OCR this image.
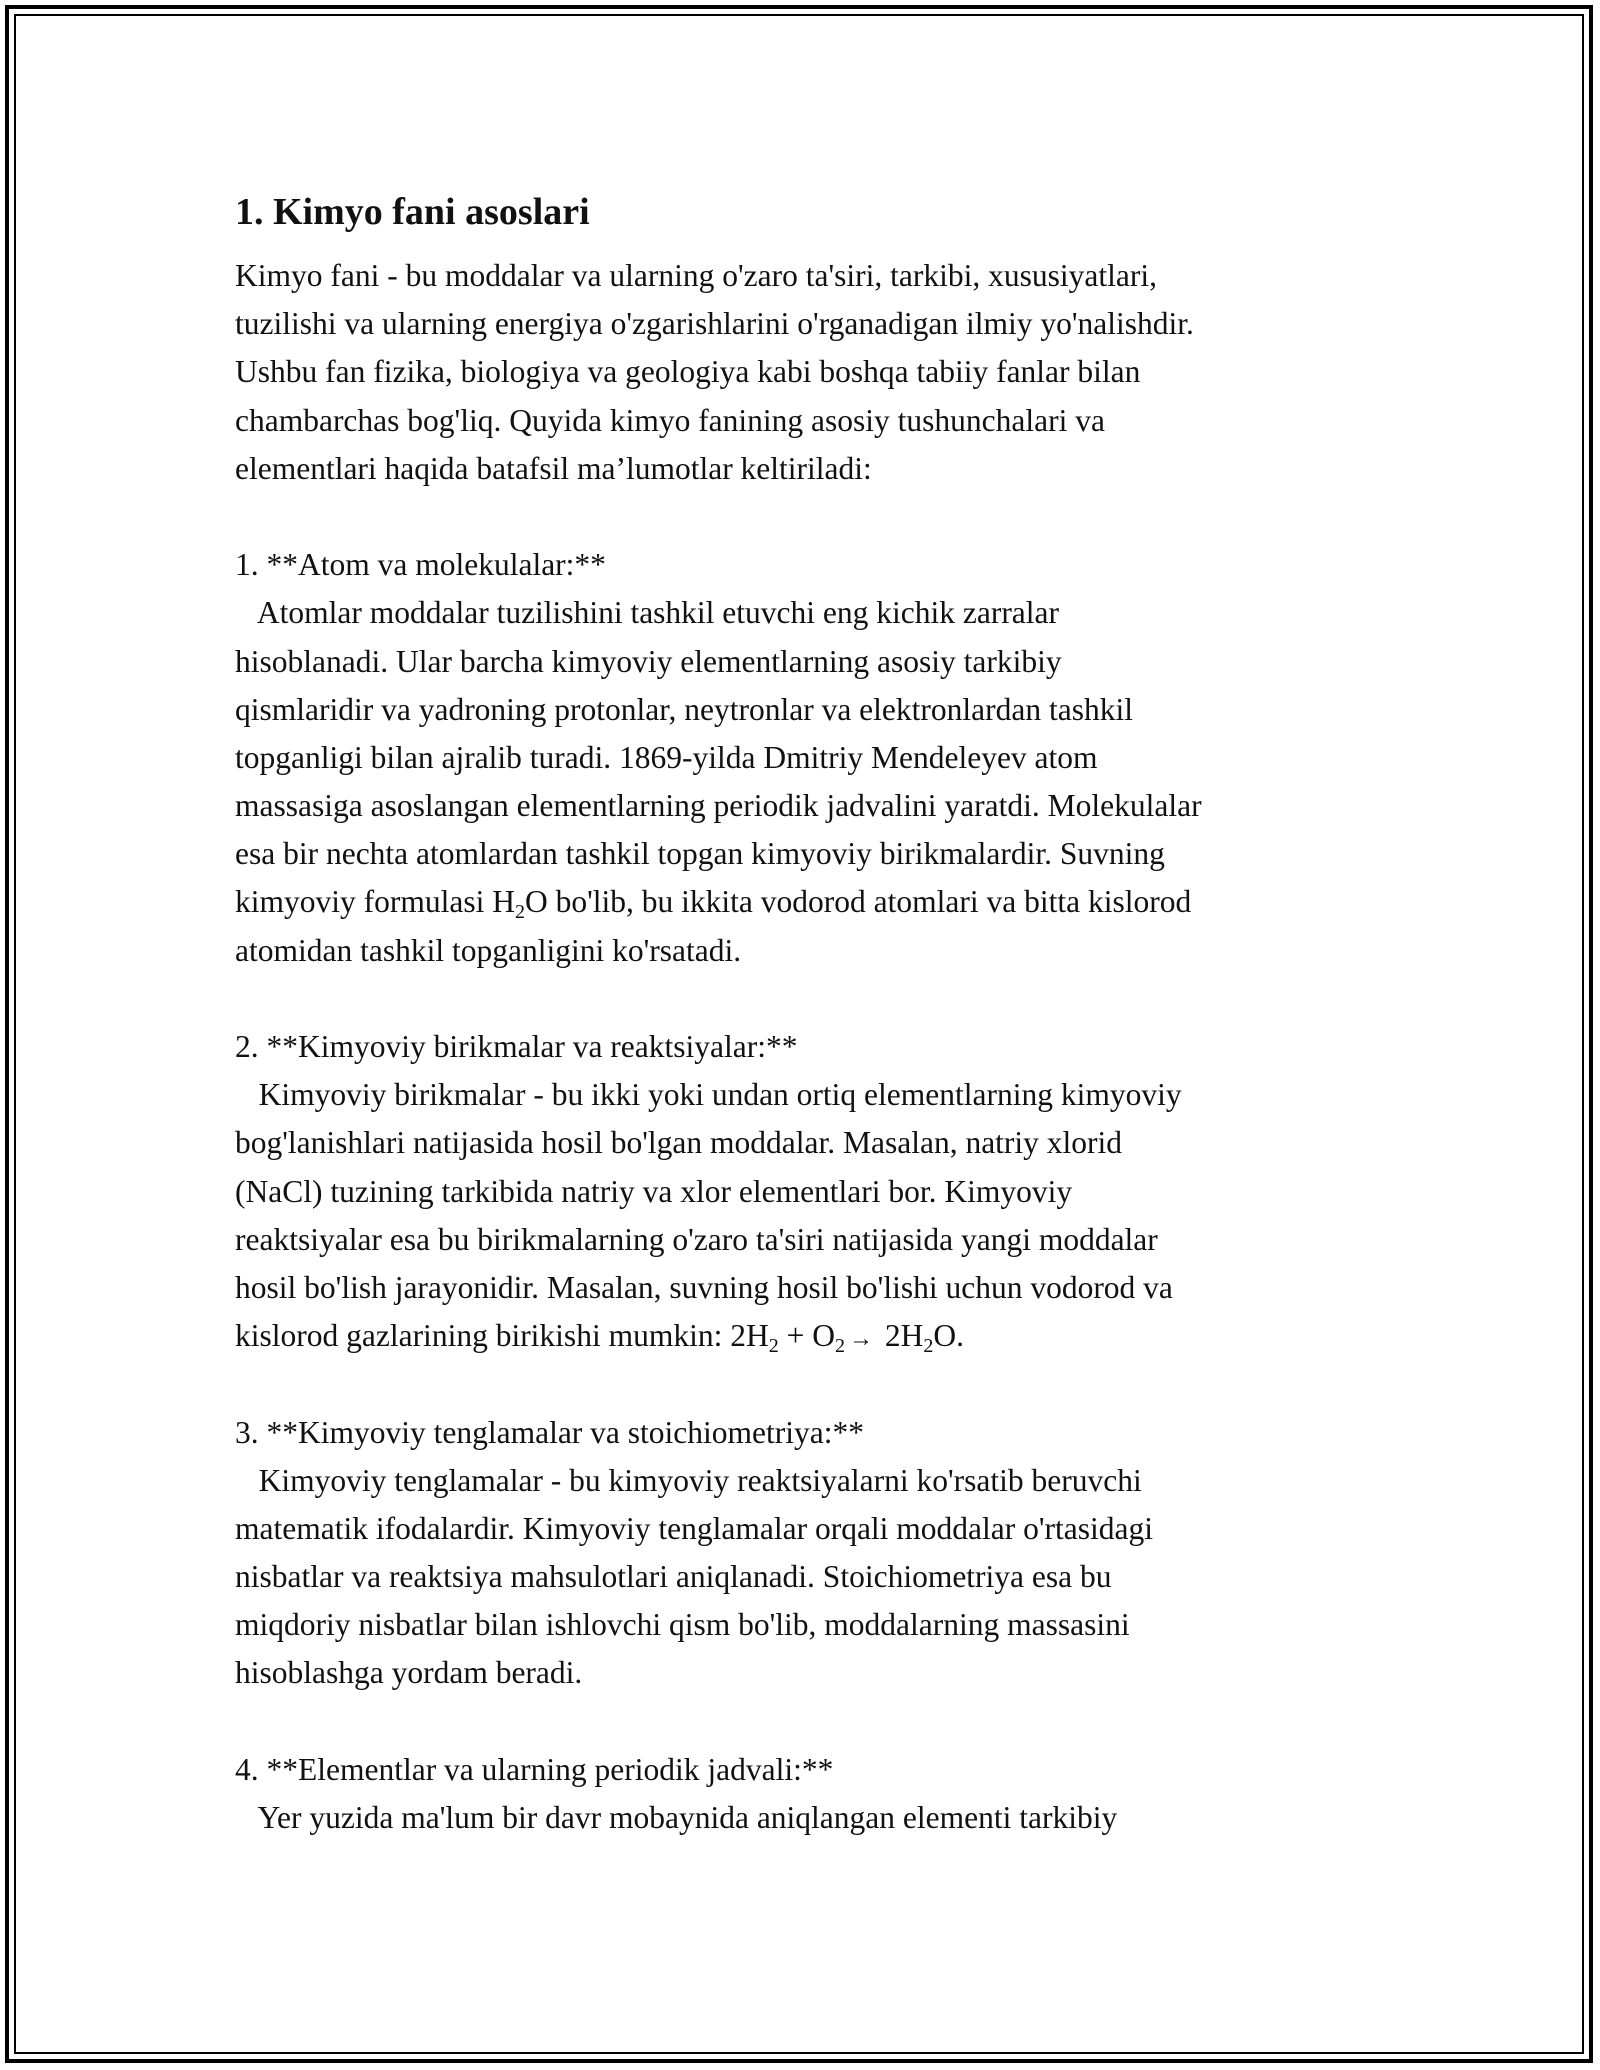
1. Kimyo fani asoslari
Kimyo fani - bu moddalar va ularning o'zaro ta'siri, tarkibi, xususiyatlari,
tuzilishi va ularning energiya o'zgarishlarini o'rganadigan ilmiy yo'nalishdir.
Ushbu fan fizika, biologiya va geologiya kabi boshqa tabiiy fanlar bilan
chambarchas bog'liq. Quyida kimyo fanining asosiy tushunchalari va
elementlari haqida batafsil ma’lumotlar keltiriladi:
1. **Atom va molekulalar:**
Atomlar moddalar tuzilishini tashkil etuvchi eng kichik zarralar
hisoblanadi. Ular barcha kimyoviy elementlarning asosiy tarkibiy
qismlaridir va yadroning protonlar, neytronlar va elektronlardan tashkil
topganligi bilan ajralib turadi. 1869-yilda Dmitriy Mendeleyev atom
massasiga asoslangan elementlarning periodik jadvalini yaratdi. Molekulalar
esa bir nechta atomlardan tashkil topgan kimyoviy birikmalardir. Suvning
kimyoviy formulasi $H_2O$ bo'lib, bu ikkita vodorod atomlari va bitta kislorod
atomidan tashkil topganligini ko'rsatadi.
2. **Kimyoviy birikmalar va reaktsiyalar:**
Kimyoviy birikmalar - bu ikki yoki undan ortiq elementlarning kimyoviy
bog'lanishlari natijasida hosil bo'lgan moddalar. Masalan, natriy xlorid
(NaCl) tuzining tarkibida natriy va xlor elementlari bor. Kimyoviy
reaktsiyalar esa bu birikmalarning o'zaro ta'siri natijasida yangi moddalar
hosil bo'lish jarayonidir. Masalan, suvning hosil bo'lishi uchun vodorod va
kislorod gazlarining birikishi mumkin: $2H_2 + O_2 \to 2H_2O$.
3. **Kimyoviy tenglamalar va stoichiometriya:**
Kimyoviy tenglamalar - bu kimyoviy reaktsiyalarni ko'rsatib beruvchi
matematik ifodalardir. Kimyoviy tenglamalar orqali moddalar o'rtasidagi
nisbatlar va reaktsiya mahsulotlari aniqlanadi. Stoichiometriya esa bu
miqdoriy nisbatlar bilan ishlovchi qism bo'lib, moddalarning massasini
hisoblashga yordam beradi.
4. **Elementlar va ularning periodik jadvali:**
Yer yuzida ma'lum bir davr mobaynida aniqlangan elementi tarkibiy
